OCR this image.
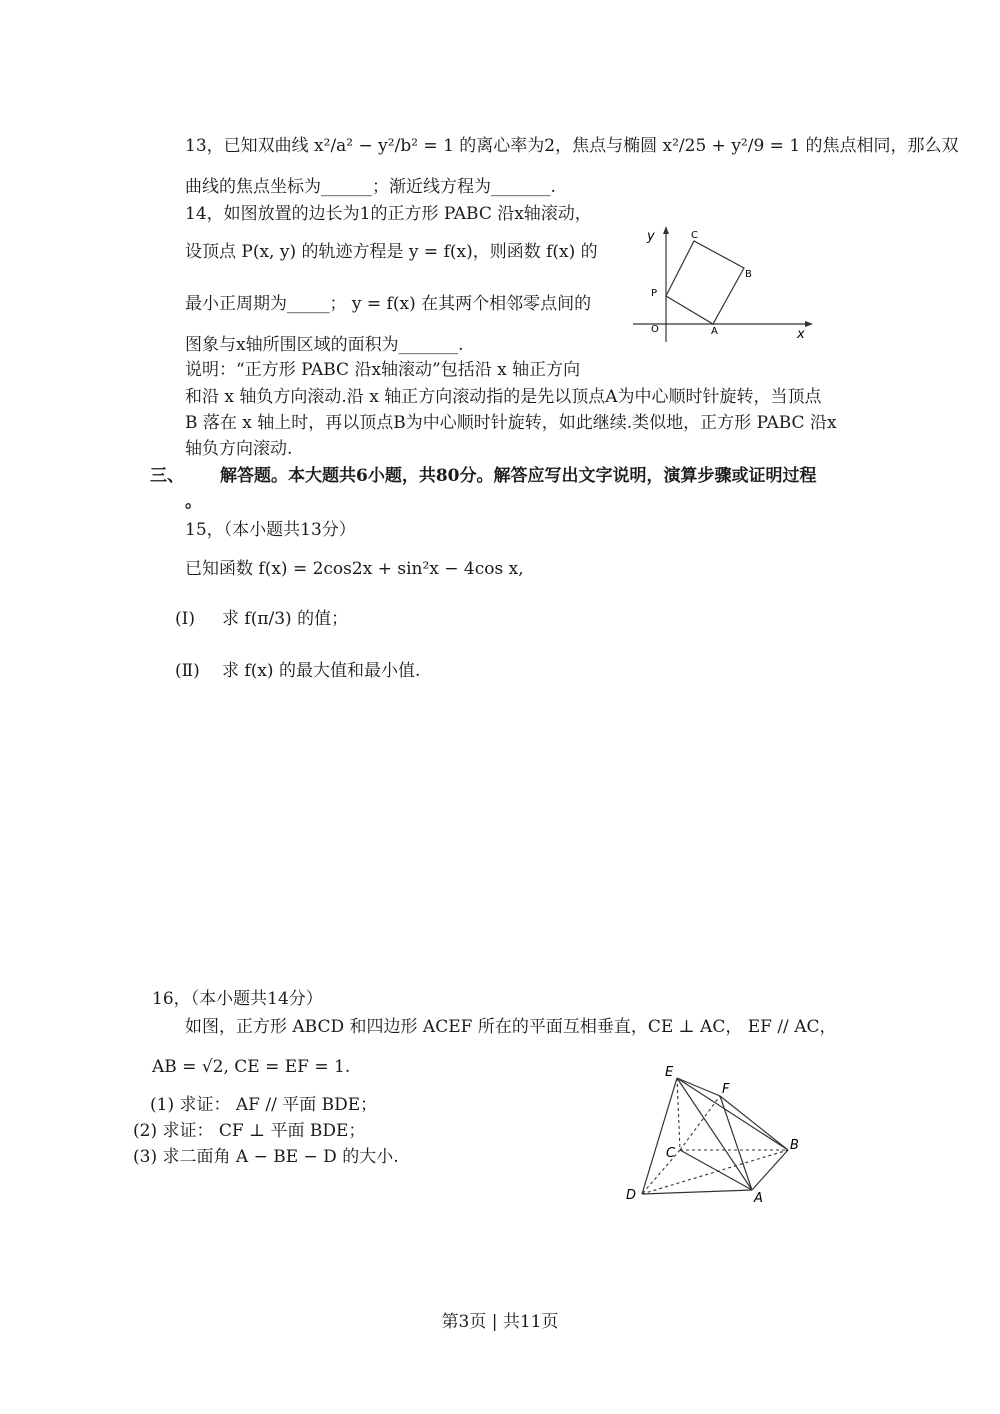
13，已知双曲线 x²/a² − y²/b² = 1 的离心率为2，焦点与椭圆 x²/25 + y²/9 = 1 的焦点相同，那么双
曲线的焦点坐标为______；渐近线方程为_______.
14，如图放置的边长为1的正方形 PABC 沿x轴滚动，
设顶点 P(x, y) 的轨迹方程是 y = f(x)，则函数 f(x) 的
最小正周期为_____； y = f(x) 在其两个相邻零点间的
图象与x轴所围区域的面积为_______.
说明：“正方形 PABC 沿x轴滚动”包括沿 x 轴正方向
和沿 x 轴负方向滚动.沿 x 轴正方向滚动指的是先以顶点A为中心顺时针旋转，当顶点
B 落在 x 轴上时，再以顶点B为中心顺时针旋转，如此继续.类似地，正方形 PABC 沿x
轴负方向滚动.
y
x
O
P
A
B
C
三、 解答题。本大题共6小题，共80分。解答应写出文字说明，演算步骤或证明过程
。
15，（本小题共13分）
已知函数 f(x) = 2cos2x + sin²x − 4cos x,
(Ⅰ) 求 f(π/3) 的值；
(Ⅱ) 求 f(x) 的最大值和最小值.
16，（本小题共14分）
如图，正方形 ABCD 和四边形 ACEF 所在的平面互相垂直，CE ⊥ AC， EF // AC，
AB = √2, CE = EF = 1.
(1) 求证： AF // 平面 BDE；
(2) 求证： CF ⊥ 平面 BDE；
(3) 求二面角 A − BE − D 的大小.
E
F
B
C
D	A
第3页 | 共11页
